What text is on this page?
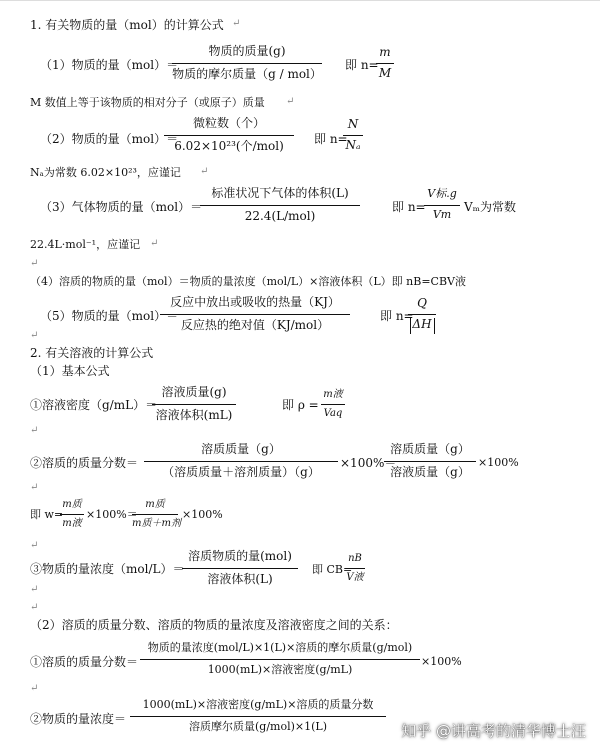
1. 有关物质的量（mol）的计算公式
（1）物质的量（mol）＝
物质的质量(g)
物质的摩尔质量（g / mol）
即 n=
m
M
M 数值上等于该物质的相对分子（或原子）质量
（2）物质的量（mol）＝
微粒数（个）
6.02×10²³(个/mol)	即 n=
N
Nₐ
Nₐ为常数 6.02×10²³，应谨记
（3）气体物质的量（mol）＝
标准状况下气体的体积(L)
22.4(L/mol)
即 n=
V标.g
Vm
Vₘ为常数
22.4L·mol⁻¹，应谨记
（4）溶质的物质的量（mol）＝物质的量浓度（mol/L）×溶液体积（L）即 nB=CBV液
（5）物质的量（mol）＝
反应中放出或吸收的热量（KJ）
反应热的绝对值（KJ/mol）
即 n=
Q
ΔH
2. 有关溶液的计算公式
（1）基本公式
①溶液密度（g/mL）＝
溶液质量(g)
溶液体积(mL)
即 ρ =
m液
Vaq
②溶质的质量分数＝
溶质质量（g）
（溶质质量＋溶剂质量）（g）
×100%＝
溶质质量（g）
溶液质量（g）
×100%
即 w=
m质
m液
×100%＝
m质
m质＋m剂
×100%
③物质的量浓度（mol/L）＝
溶质物质的量(mol)
溶液体积(L)
即 CB=
nB
V液
（2）溶质的质量分数、溶质的物质的量浓度及溶液密度之间的关系：
①溶质的质量分数＝
物质的量浓度(mol/L)×1(L)×溶质的摩尔质量(g/mol)
1000(mL)×溶液密度(g/mL)
×100%
②物质的量浓度＝
1000(mL)×溶液密度(g/mL)×溶质的质量分数
溶质摩尔质量(g/mol)×1(L)
↵
↵
↵
↵
↵
↵
↵
↵
↵
↵
↵
↵
知乎 @讲高考的清华博士汪
